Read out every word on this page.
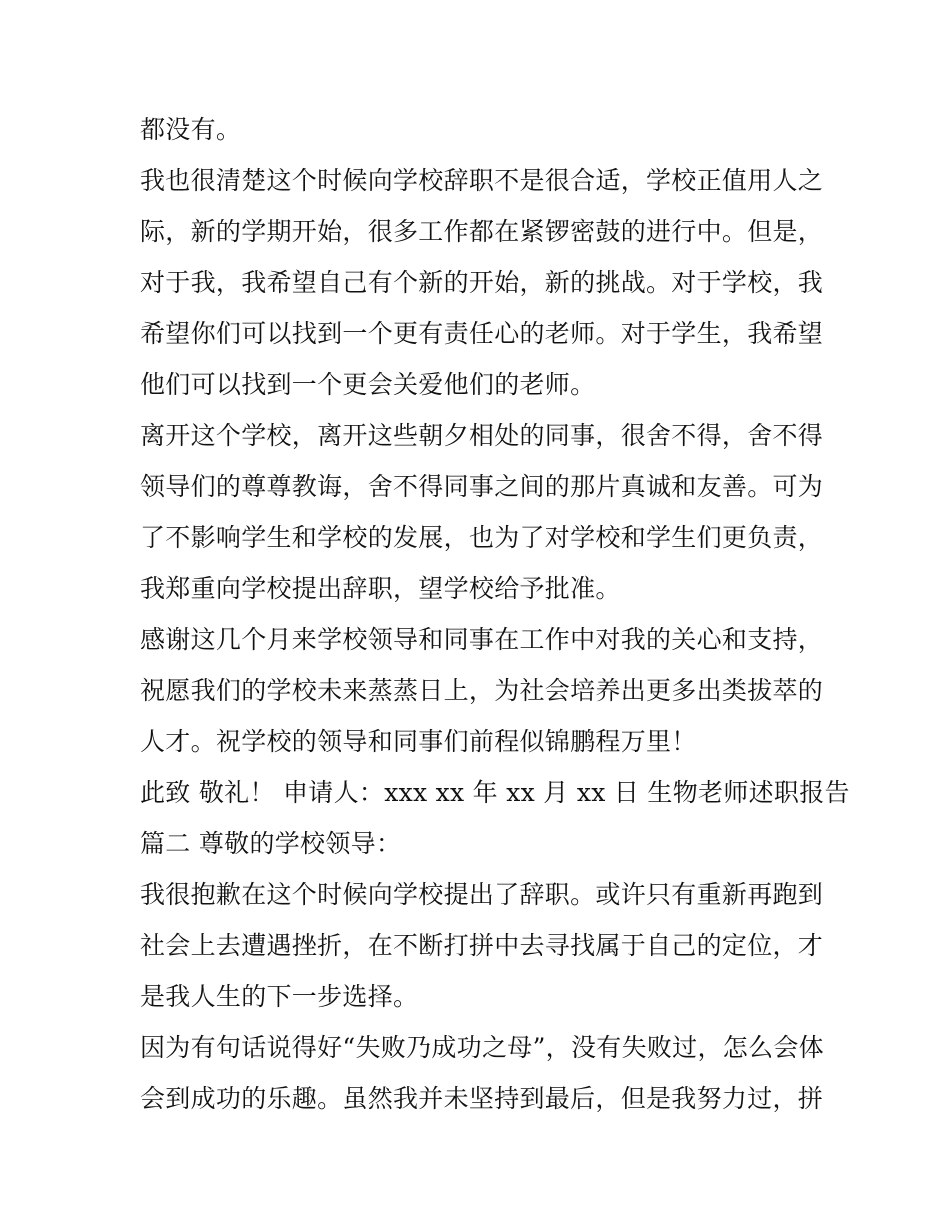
都没有。
我也很清楚这个时候向学校辞职不是很合适，学校正值用人之
际，新的学期开始，很多工作都在紧锣密鼓的进行中。但是，
对于我，我希望自己有个新的开始，新的挑战。对于学校，我
希望你们可以找到一个更有责任心的老师。对于学生，我希望
他们可以找到一个更会关爱他们的老师。
离开这个学校，离开这些朝夕相处的同事，很舍不得，舍不得
领导们的尊尊教诲，舍不得同事之间的那片真诚和友善。可为
了不影响学生和学校的发展，也为了对学校和学生们更负责，
我郑重向学校提出辞职，望学校给予批准。
感谢这几个月来学校领导和同事在工作中对我的关心和支持，
祝愿我们的学校未来蒸蒸日上，为社会培养出更多出类拔萃的
人才。祝学校的领导和同事们前程似锦鹏程万里！
此致 敬礼！ 申请人：xxx xx 年 xx 月 xx 日 生物老师述职报告
篇二 尊敬的学校领导：
我很抱歉在这个时候向学校提出了辞职。或许只有重新再跑到
社会上去遭遇挫折，在不断打拼中去寻找属于自己的定位，才
是我人生的下一步选择。
因为有句话说得好“失败乃成功之母”，没有失败过，怎么会体
会到成功的乐趣。虽然我并未坚持到最后，但是我努力过，拼
